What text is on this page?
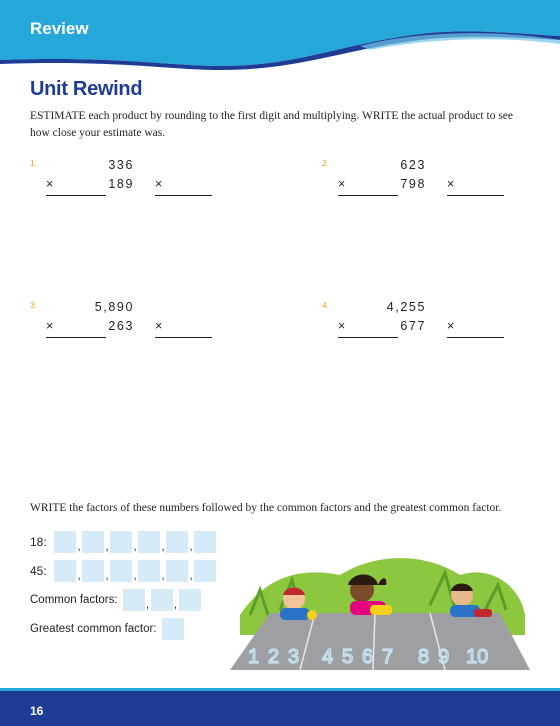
Review
Unit Rewind
ESTIMATE each product by rounding to the first digit and multiplying. WRITE the actual product to see how close your estimate was.
1.	336
×	189 ×
2.	623
×	798 ×
3.	5,890
×	263 ×
4.	4,255
×	677 ×
WRITE the factors of these numbers followed by the common factors and the greatest common factor.
18:	, , , , ,
45:	, , , , ,
Common factors:	, ,
Greatest common factor:
1 2 3 4 5 6 7 8 9 10
16
